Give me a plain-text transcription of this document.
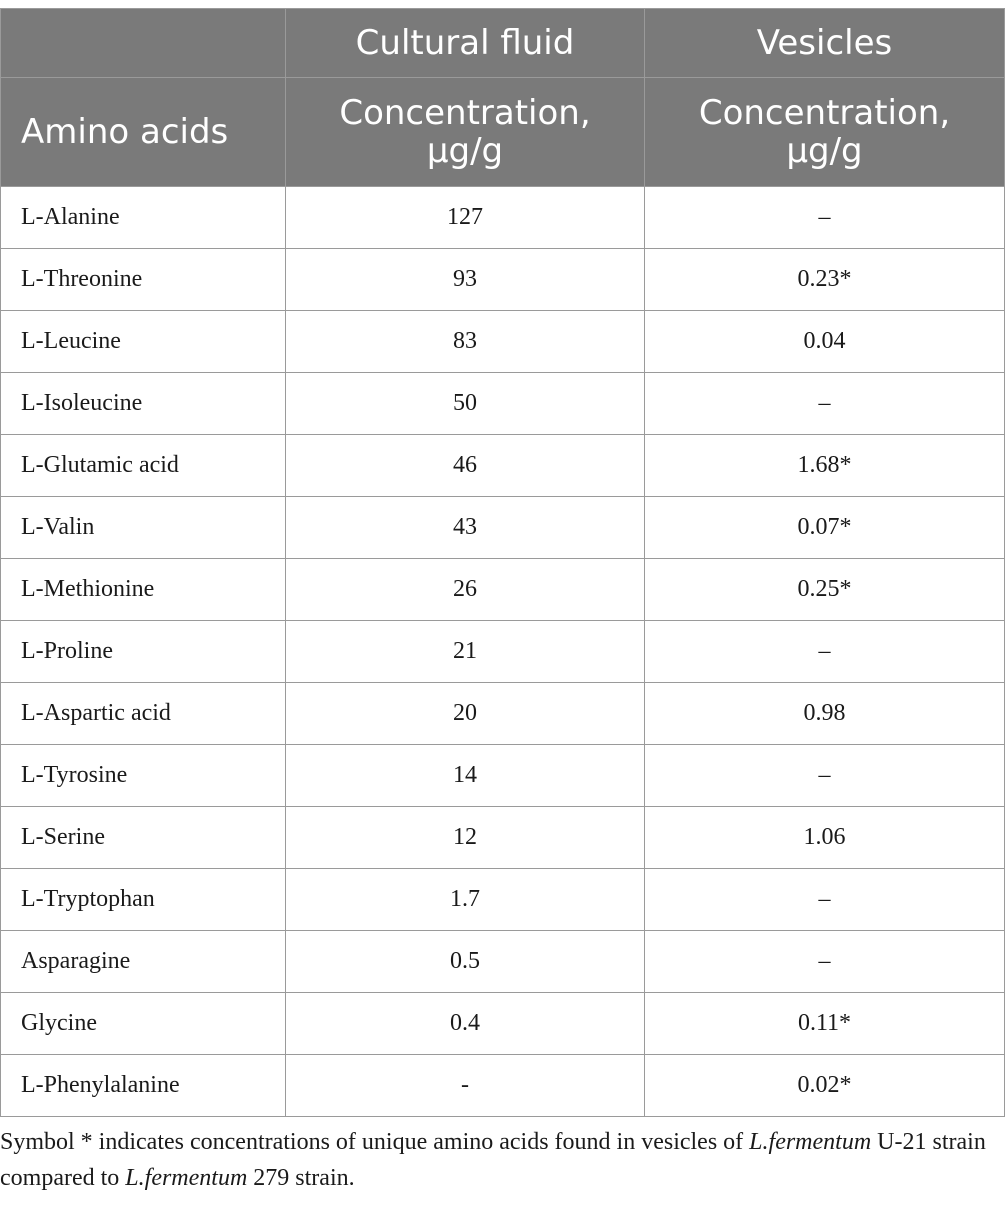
	Cultural fluid	Vesicles
Amino acids	Concentration, μg/g	Concentration, μg/g
L-Alanine	127	–
L-Threonine	93	0.23*
L-Leucine	83	0.04
L-Isoleucine	50	–
L-Glutamic acid	46	1.68*
L-Valin	43	0.07*
L-Methionine	26	0.25*
L-Proline	21	–
L-Aspartic acid	20	0.98
L-Tyrosine	14	–
L-Serine	12	1.06
L-Tryptophan	1.7	–
Asparagine	0.5	–
Glycine	0.4	0.11*
L-Phenylalanine	-	0.02*
Symbol * indicates concentrations of unique amino acids found in vesicles of L.fermentum U-21 strain compared to L.fermentum 279 strain.
